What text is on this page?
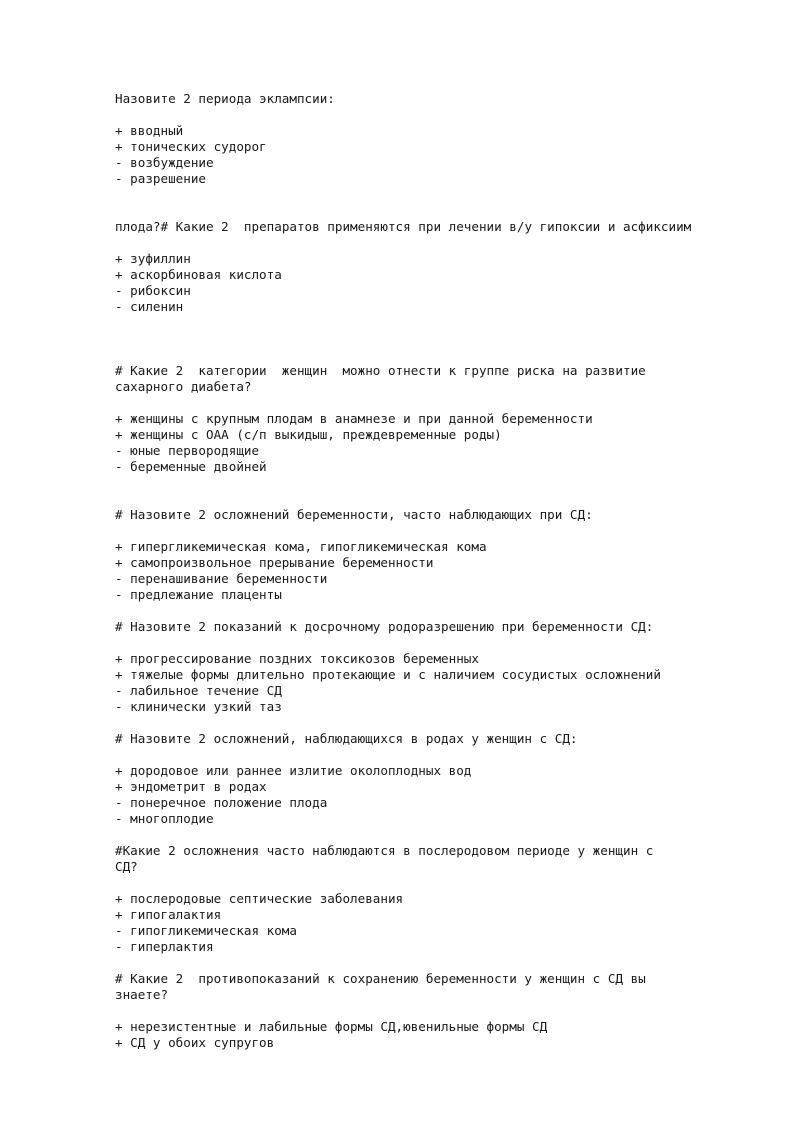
Назовите 2 периода эклампсии:
+ вводный
+ тонических судорог
- возбуждение
- разрешение

# Какие 2  препаратов применяются при лечении в/у гипоксии и асфиксиим

плода?
+ зуфиллин
+ аскорбиновая кислота
- рибоксин
- силенин
# Какие 2  категории  женщин  можно отнести к группе риска на развитие
сахарного диабета?
+ женщины с крупным плодам в анамнезе и при данной беременности
+ женщины с ОАА (с/п выкидыш, преждевременные роды)
- юные первородящие
- беременные двойней
# Назовите 2 осложнений беременности, часто наблюдающих при СД:
+ гипергликемическая кома, гипогликемическая кома
+ самопроизвольное прерывание беременности
- перенашивание беременности
- предлежание плаценты
# Назовите 2 показаний к досрочному родоразрешению при беременности СД:
+ прогрессирование поздних токсикозов беременных
+ тяжелые формы длительно протекающие и с наличием сосудистых осложнений
- лабильное течение СД
- клинически узкий таз
# Назовите 2 осложнений, наблюдающихся в родах у женщин с СД:
+ дородовое или раннее излитие околоплодных вод
+ эндометрит в родах
- понеречное положение плода
- многоплодие
#Какие 2 осложнения часто наблюдаются в послеродовом периоде у женщин с
СД?
+ послеродовые септические заболевания
+ гипогалактия
- гипогликемическая кома
- гиперлактия
# Какие 2  противопоказаний к сохранению беременности у женщин с СД вы
знаете?
+ нерезистентные и лабильные формы СД,ювенильные формы СД
+ СД у обоих супругов
